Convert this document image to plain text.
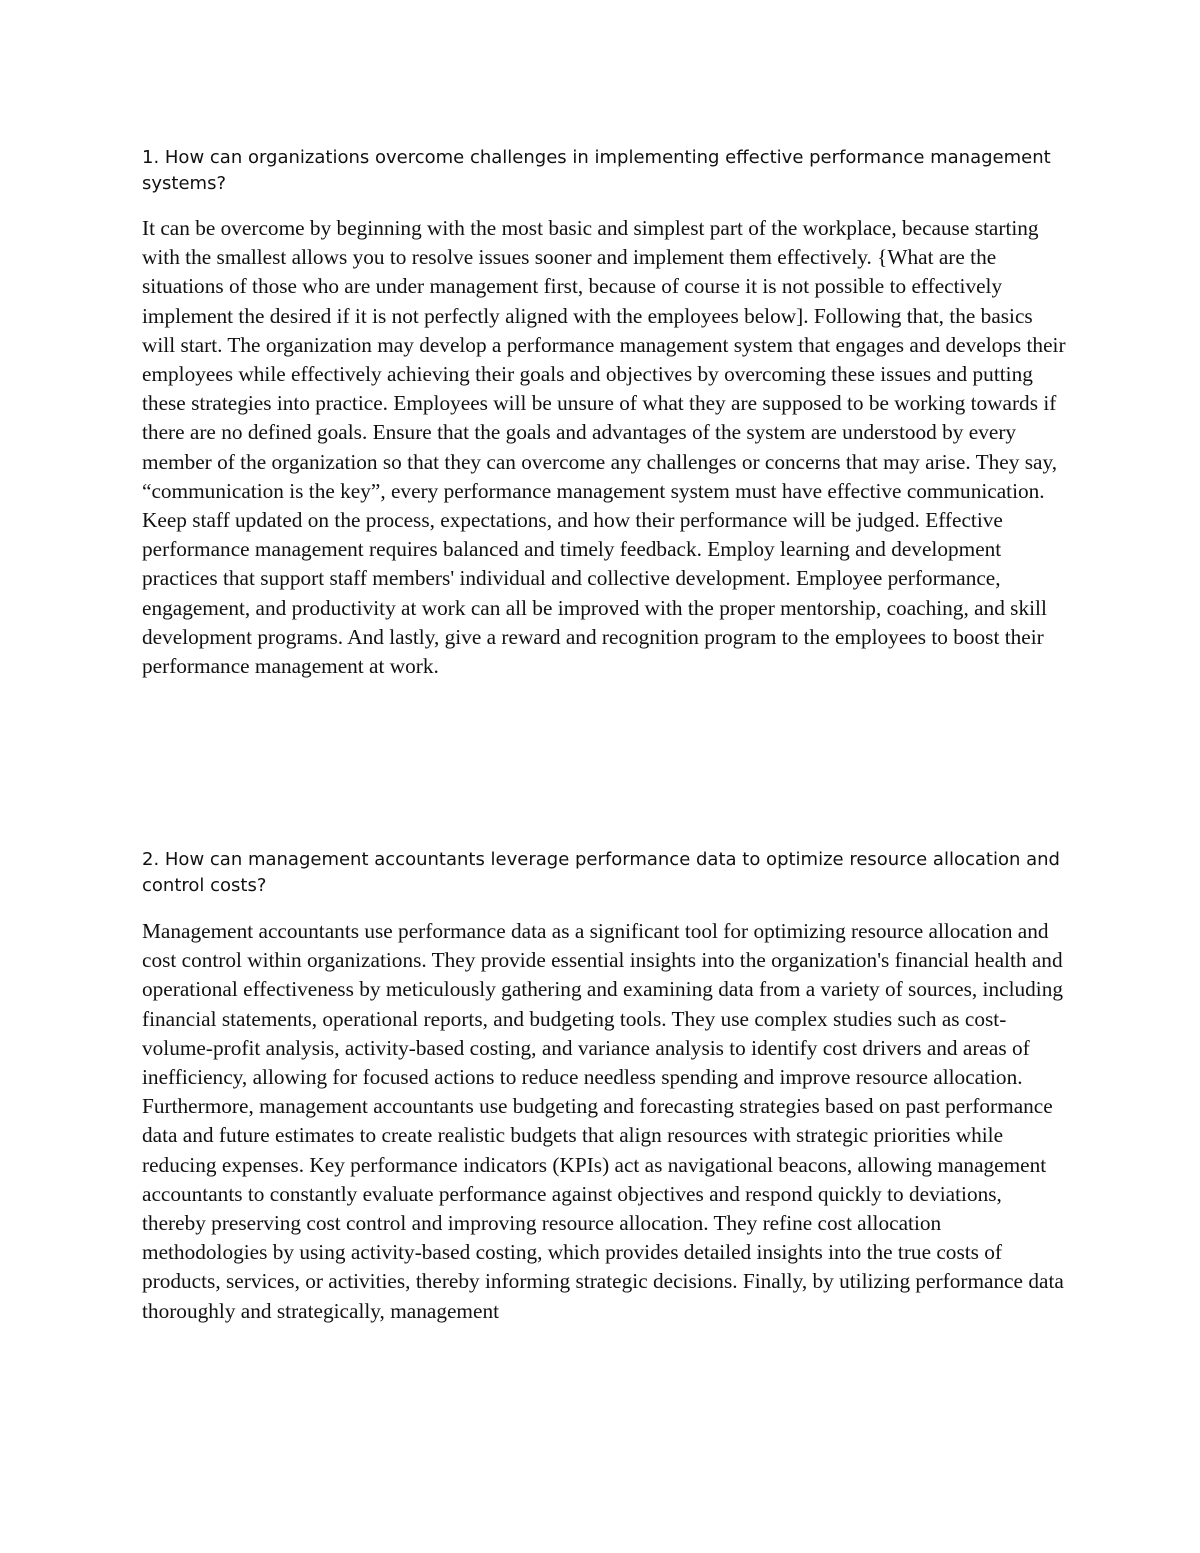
1. How can organizations overcome challenges in implementing effective performance management systems?

It can be overcome by beginning with the most basic and simplest part of the workplace, because starting with the smallest allows you to resolve issues sooner and implement them effectively. {What are the situations of those who are under management first, because of course it is not possible to effectively implement the desired if it is not perfectly aligned with the employees below]. Following that, the basics will start. The organization may develop a performance management system that engages and develops their employees while effectively achieving their goals and objectives by overcoming these issues and putting these strategies into practice. Employees will be unsure of what they are supposed to be working towards if there are no defined goals. Ensure that the goals and advantages of the system are understood by every member of the organization so that they can overcome any challenges or concerns that may arise. They say, “communication is the key”, every performance management system must have effective communication. Keep staff updated on the process, expectations, and how their performance will be judged. Effective performance management requires balanced and timely feedback. Employ learning and development practices that support staff members' individual and collective development. Employee performance, engagement, and productivity at work can all be improved with the proper mentorship, coaching, and skill development programs. And lastly, give a reward and recognition program to the employees to boost their performance management at work.

2. How can management accountants leverage performance data to optimize resource allocation and control costs?

Management accountants use performance data as a significant tool for optimizing resource allocation and cost control within organizations. They provide essential insights into the organization's financial health and operational effectiveness by meticulously gathering and examining data from a variety of sources, including financial statements, operational reports, and budgeting tools. They use complex studies such as cost-volume-profit analysis, activity-based costing, and variance analysis to identify cost drivers and areas of inefficiency, allowing for focused actions to reduce needless spending and improve resource allocation. Furthermore, management accountants use budgeting and forecasting strategies based on past performance data and future estimates to create realistic budgets that align resources with strategic priorities while reducing expenses. Key performance indicators (KPIs) act as navigational beacons, allowing management accountants to constantly evaluate performance against objectives and respond quickly to deviations, thereby preserving cost control and improving resource allocation. They refine cost allocation methodologies by using activity-based costing, which provides detailed insights into the true costs of products, services, or activities, thereby informing strategic decisions. Finally, by utilizing performance data thoroughly and strategically, management
